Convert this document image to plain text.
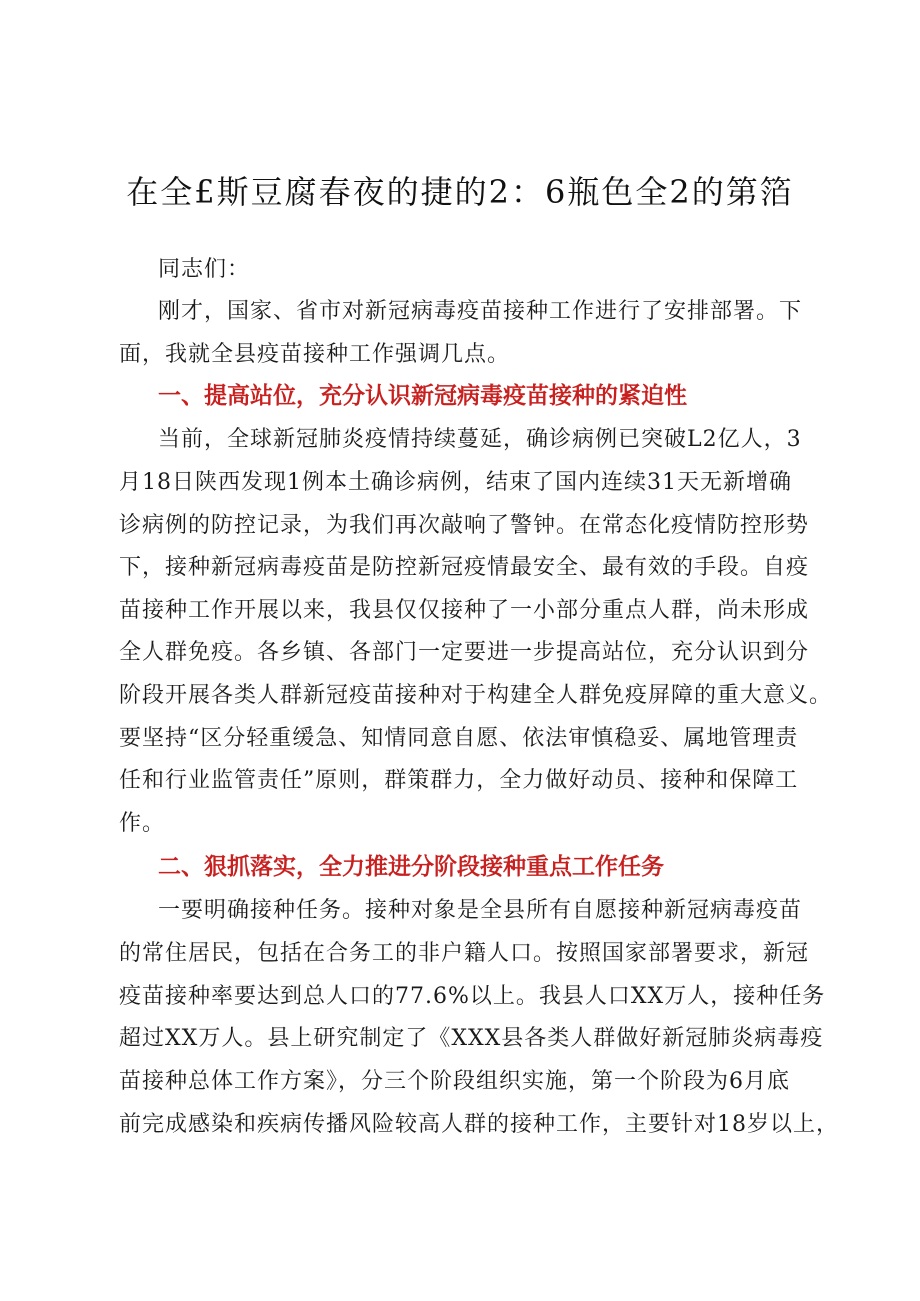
在全£斯豆腐春夜的捷的2：6瓶色全2的第箔
同志们：
刚才，国家、省市对新冠病毒疫苗接种工作进行了安排部署。下
面，我就全县疫苗接种工作强调几点。
一、提高站位，充分认识新冠病毒疫苗接种的紧迫性
当前，全球新冠肺炎疫情持续蔓延，确诊病例已突破L2亿人，3
月18日陕西发现1例本土确诊病例，结束了国内连续31天无新增确
诊病例的防控记录，为我们再次敲响了警钟。在常态化疫情防控形势
下，接种新冠病毒疫苗是防控新冠疫情最安全、最有效的手段。自疫
苗接种工作开展以来，我县仅仅接种了一小部分重点人群，尚未形成
全人群免疫。各乡镇、各部门一定要进一步提高站位，充分认识到分
阶段开展各类人群新冠疫苗接种对于构建全人群免疫屏障的重大意义。
要坚持“区分轻重缓急、知情同意自愿、依法审慎稳妥、属地管理责
任和行业监管责任”原则，群策群力，全力做好动员、接种和保障工
作。
二、狠抓落实，全力推进分阶段接种重点工作任务
一要明确接种任务。接种对象是全县所有自愿接种新冠病毒疫苗
的常住居民，包括在合务工的非户籍人口。按照国家部署要求，新冠
疫苗接种率要达到总人口的77.6%以上。我县人口XX万人，接种任务
超过XX万人。县上研究制定了《XXX县各类人群做好新冠肺炎病毒疫
苗接种总体工作方案》，分三个阶段组织实施，第一个阶段为6月底
前完成感染和疾病传播风险较高人群的接种工作，主要针对18岁以上，
